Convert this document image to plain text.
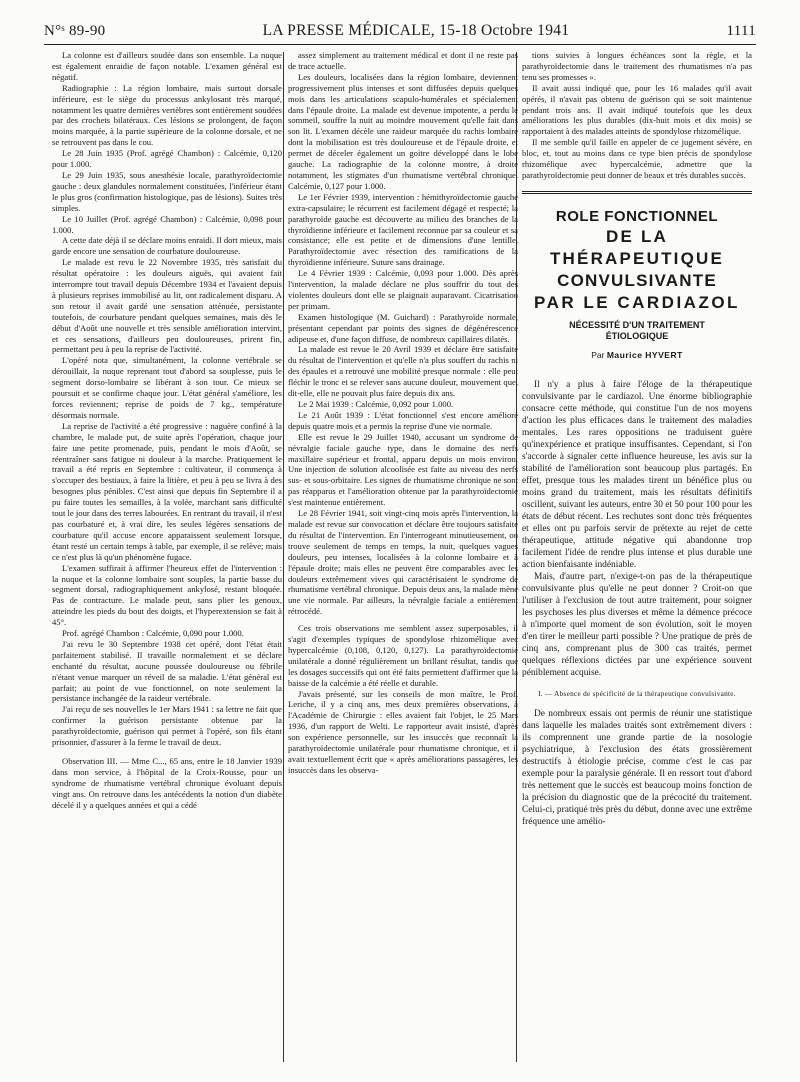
N°ˢ 89-90	LA PRESSE MÉDICALE, 15-18 Octobre 1941	1111

La colonne est d'ailleurs soudée dans son ensemble. La nuque est également enraidie de façon notable. L'examen général est négatif.

Radiographie : La région lombaire, mais surtout dorsale inférieure, est le siège du processus ankylosant très marqué, notamment les quatre dernières vertèbres sont entièrement soudées par des crochets bilatéraux. Ces lésions se prolongent, de façon moins marquée, à la partie supérieure de la colonne dorsale, et ne se retrouvent pas dans le cou.

Le 28 Juin 1935 (Prof. agrégé Chambon) : Calcémie, 0,120 pour 1.000.

Le 29 Juin 1935, sous anesthésie locale, parathyroïdectomie gauche : deux glandules normalement constituées, l'inférieur étant le plus gros (confirmation histologique, pas de lésions). Suites très simples.

Le 10 Juillet (Prof. agrégé Chambon) : Calcémie, 0,098 pour 1.000.

A cette date déjà il se déclare moins enraidi. Il dort mieux, mais garde encore une sensation de courbature douloureuse.

Le malade est revu le 22 Novembre 1935, très satisfait du résultat opératoire : les douleurs aiguës, qui avaient fait interrompre tout travail depuis Décembre 1934 et l'avaient depuis à plusieurs reprises immobilisé au lit, ont radicalement disparu. A son retour il avait gardé une sensation atténuée, persistante toutefois, de courbature pendant quelques semaines, mais dès le début d'Août une nouvelle et très sensible amélioration intervint, et ces sensations, d'ailleurs peu douloureuses, prirent fin, permettant peu à peu la reprise de l'activité.

L'opéré nota que, simultanément, la colonne vertébrale se dérouillait, la nuque reprenant tout d'abord sa souplesse, puis le segment dorso-lombaire se libérant à son tour. Ce mieux se poursuit et se confirme chaque jour. L'état général s'améliore, les forces reviennent; reprise de poids de 7 kg., température désormais normale.

La reprise de l'activité a été progressive : naguère confiné à la chambre, le malade put, de suite après l'opération, chaque jour faire une petite promenade, puis, pendant le mois d'Août, se réentraîner sans fatigue ni douleur à la marche. Pratiquement le travail a été repris en Septembre : cultivateur, il commença à s'occuper des bestiaux, à faire la litière, et peu à peu se livra à des besognes plus pénibles. C'est ainsi que depuis fin Septembre il a pu faire toutes les semailles, à la volée, marchant sans difficulté tout le jour dans des terres labourées. En rentrant du travail, il n'est pas courbaturé et, à vrai dire, les seules légères sensations de courbature qu'il accuse encore apparaissent seulement lorsque, étant resté un certain temps à table, par exemple, il se relève; mais ce n'est plus là qu'un phénomène fugace.

L'examen suffirait à affirmer l'heureux effet de l'intervention : la nuque et la colonne lombaire sont souples, la partie basse du segment dorsal, radiographiquement ankylosé, restant bloquée. Pas de contracture. Le malade peut, sans plier les genoux, atteindre les pieds du bout des doigts, et l'hyperextension se fait à 45°.

Prof. agrégé Chambon : Calcémie, 0,090 pour 1.000.

J'ai revu le 30 Septembre 1938 cet opéré, dont l'état était parfaitement stabilisé. Il travaille normalement et se déclare enchanté du résultat, aucune poussée douloureuse ou fébrile n'étant venue marquer un réveil de sa maladie. L'état général est parfait; au point de vue fonctionnel, on note seulement la persistance inchangée de la raideur vertébrale.

J'ai reçu de ses nouvelles le 1er Mars 1941 : sa lettre ne fait que confirmer la guérison persistante obtenue par la parathyroïdectomie, guérison qui permet à l'opéré, son fils étant prisonnier, d'assurer à la ferme le travail de deux.

Observation III. — Mme C..., 65 ans, entre le 18 Janvier 1939 dans mon service, à l'hôpital de la Croix-Rousse, pour un syndrome de rhumatisme vertébral chronique évoluant depuis vingt ans. On retrouve dans les antécédents la notion d'un diabète décelé il y a quelques années et qui a cédé

assez simplement au traitement médical et dont il ne reste pas de trace actuelle.

Les douleurs, localisées dans la région lombaire, deviennent progressivement plus intenses et sont diffusées depuis quelques mois dans les articulations scapulo-humérales et spécialement dans l'épaule droite. La malade est devenue impotente, a perdu le sommeil, souffre la nuit au moindre mouvement qu'elle fait dans son lit. L'examen décèle une raideur marquée du rachis lombaire dont la mobilisation est très douloureuse et de l'épaule droite, et permet de déceler également un goitre développé dans le lobe gauche. La radiographie de la colonne montre, à droite notamment, les stigmates d'un rhumatisme vertébral chronique. Calcémie, 0,127 pour 1.000.

Le 1er Février 1939, intervention : hémithyroïdectomie gauche extra-capsulaire; le récurrent est facilement dégagé et respecté; la parathyroïde gauche est découverte au milieu des branches de la thyroïdienne inférieure et facilement reconnue par sa couleur et sa consistance; elle est petite et de dimensions d'une lentille. Parathyroïdectomie avec résection des ramifications de la thyroïdienne inférieure. Suture sans drainage.

Le 4 Février 1939 : Calcémie, 0,093 pour 1.000. Dès après l'intervention, la malade déclare ne plus souffrir du tout des violentes douleurs dont elle se plaignait auparavant. Cicatrisation per primam.

Examen histologique (M. Guichard) : Parathyroïde normale, présentant cependant par points des signes de dégénérescence adipeuse et, d'une façon diffuse, de nombreux capillaires dilatés.

La malade est revue le 20 Avril 1939 et déclare être satisfaite du résultat de l'intervention et qu'elle n'a plus souffert du rachis ni des épaules et a retrouvé une mobilité presque normale : elle peut fléchir le tronc et se relever sans aucune douleur, mouvement que, dit-elle, elle ne pouvait plus faire depuis dix ans.

Le 2 Mai 1939 : Calcémie, 0,092 pour 1.000.

Le 21 Août 1939 : L'état fonctionnel s'est encore amélioré depuis quatre mois et a permis la reprise d'une vie normale.

Elle est revue le 29 Juillet 1940, accusant un syndrome de névralgie faciale gauche type, dans le domaine des nerfs maxillaire supérieur et frontal, apparu depuis un mois environ. Une injection de solution alcoolisée est faite au niveau des nerfs sus- et sous-orbitaire. Les signes de rhumatisme chronique ne sont pas réapparus et l'amélioration obtenue par la parathyroïdectomie s'est maintenue entièrement.

Le 28 Février 1941, soit vingt-cinq mois après l'intervention, la malade est revue sur convocation et déclare être toujours satisfaite du résultat de l'intervention. En l'interrogeant minutieusement, on trouve seulement de temps en temps, la nuit, quelques vagues douleurs, peu intenses, localisées à la colonne lombaire et à l'épaule droite; mais elles ne peuvent être comparables avec les douleurs extrêmement vives qui caractérisaient le syndrome de rhumatisme vertébral chronique. Depuis deux ans, la malade mène une vie normale. Par ailleurs, la névralgie faciale a entièrement rétrocédé.

Ces trois observations me semblent assez superposables, il s'agit d'exemples typiques de spondylose rhizomélique avec hypercalcémie (0,108, 0,120, 0,127). La parathyroïdectomie unilatérale a donné régulièrement un brillant résultat, tandis que les dosages successifs qui ont été faits permettent d'affirmer que la baisse de la calcémie a été réelle et durable.

J'avais présenté, sur les conseils de mon maître, le Prof. Leriche, il y a cinq ans, mes deux premières observations, à l'Académie de Chirurgie : elles avaient fait l'objet, le 25 Mars 1936, d'un rapport de Welti. Le rapporteur avait insisté, d'après son expérience personnelle, sur les insuccès que reconnaît la parathyroïdectomie unilatérale pour rhumatisme chronique, et il avait textuellement écrit que « après améliorations passagères, les insuccès dans les observa-

tions suivies à longues échéances sont la règle, et la parathyroïdectomie dans le traitement des rhumatismes n'a pas tenu ses promesses ».

Il avait aussi indiqué que, pour les 16 malades qu'il avait opérés, il n'avait pas obtenu de guérison qui se soit maintenue pendant trois ans. Il avait indiqué toutefois que les deux améliorations les plus durables (dix-huit mois et dix mois) se rapportaient à des malades atteints de spondylose rhizomélique.

Il me semble qu'il faille en appeler de ce jugement sévère, en bloc, et, tout au moins dans ce type bien précis de spondylose rhizomélique avec hypercalcémie, admettre que la parathyroïdectomie peut donner de beaux et très durables succès.

ROLE FONCTIONNEL
DE LA THÉRAPEUTIQUE
CONVULSIVANTE
PAR LE CARDIAZOL
NÉCESSITÉ D'UN TRAITEMENT
ÉTIOLOGIQUE
Par Maurice HYVERT

Il n'y a plus à faire l'éloge de la thérapeutique convulsivante par le cardiazol. Une énorme bibliographie consacre cette méthode, qui constitue l'un de nos moyens d'action les plus efficaces dans le traitement des maladies mentales. Les rares oppositions ne traduisent guère qu'inexpérience et pratique insuffisantes. Cependant, si l'on s'accorde à signaler cette influence heureuse, les avis sur la stabilité de l'amélioration sont beaucoup plus partagés. En effet, presque tous les malades tirent un bénéfice plus ou moins grand du traitement, mais les résultats définitifs oscillent, suivant les auteurs, entre 30 et 50 pour 100 pour les états de début récent. Les rechutes sont donc très fréquentes et elles ont pu parfois servir de prétexte au rejet de cette thérapeutique, attitude négative qui abandonne trop facilement l'idée de rendre plus intense et plus durable une action bienfaisante indéniable.

Mais, d'autre part, n'exige-t-on pas de la thérapeutique convulsivante plus qu'elle ne peut donner ? Croit-on que l'utiliser à l'exclusion de tout autre traitement, pour soigner les psychoses les plus diverses et même la démence précoce à n'importe quel moment de son évolution, soit le moyen d'en tirer le meilleur parti possible ? Une pratique de près de cinq ans, comprenant plus de 300 cas traités, permet quelques réflexions dictées par une expérience souvent péniblement acquise.

I. — Absence de spécificité de la thérapeutique convulsivante.

De nombreux essais ont permis de réunir une statistique dans laquelle les malades traités sont extrêmement divers : ils comprennent une grande partie de la nosologie psychiatrique, à l'exclusion des états grossièrement destructifs à étiologie précise, comme c'est le cas par exemple pour la paralysie générale. Il en ressort tout d'abord très nettement que le succès est beaucoup moins fonction de la précision du diagnostic que de la précocité du traitement. Celui-ci, pratiqué très près du début, donne avec une extrême fréquence une amélio-
